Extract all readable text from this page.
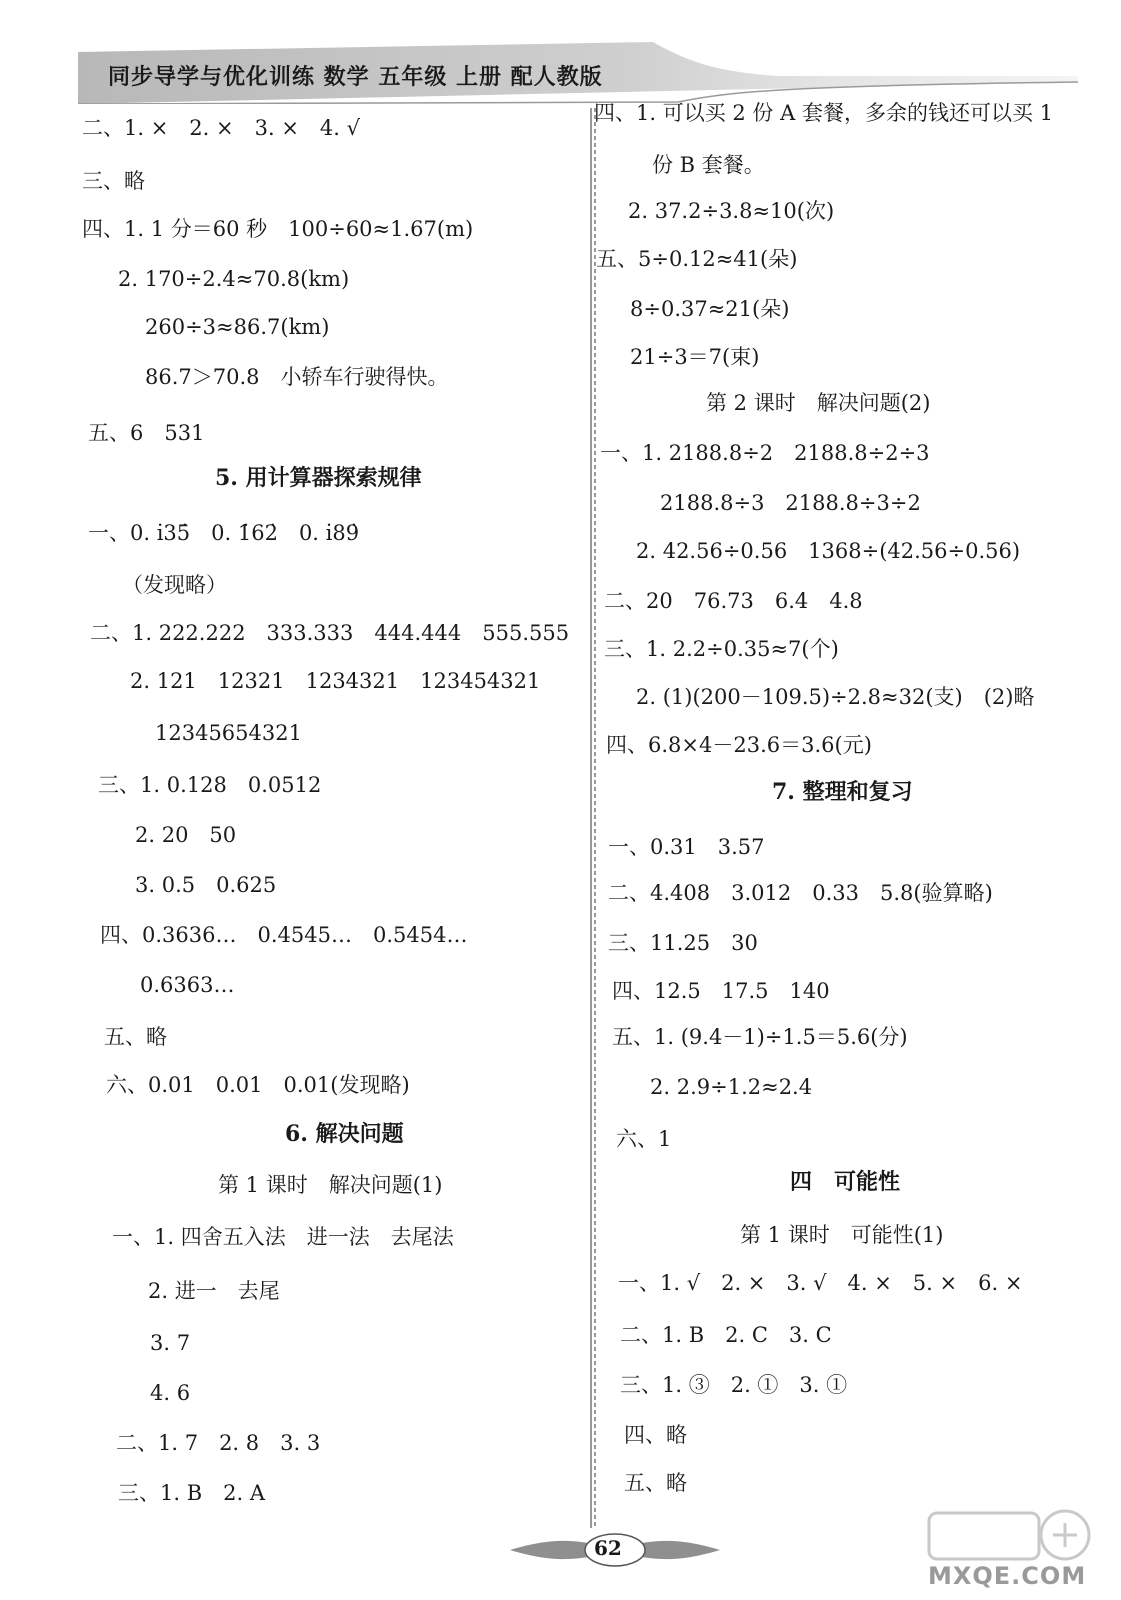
同步导学与优化训练 数学 五年级 上册 配人教版
二、1. ×　2. ×　3. ×　4. √
三、略
四、1. 1 分＝60 秒　100÷60≈1.67(m)
2. 170÷2.4≈70.8(km)
260÷3≈86.7(km)
86.7＞70.8　小轿车行驶得快。
五、6　531
5. 用计算器探索规律
一、0. i̇35̇　0. 1̇62̇　0. i̇89̇
（发现略）
二、1. 222.222　333.333　444.444　555.555
2. 121　12321　1234321　123454321
12345654321
三、1. 0.128　0.0512
2. 20　50
3. 0.5　0.625
四、0.3636…　0.4545…　0.5454…
0.6363…
五、略
六、0.01　0.01　0.01(发现略)
6. 解决问题
第 1 课时　解决问题(1)
一、1. 四舍五入法　进一法　去尾法
2. 进一　去尾
3. 7
4. 6
二、1. 7　2. 8　3. 3
三、1. B　2. A
四、1. 可以买 2 份 A 套餐，多余的钱还可以买 1
份 B 套餐。
2. 37.2÷3.8≈10(次)
五、5÷0.12≈41(朵)
8÷0.37≈21(朵)
21÷3＝7(束)
第 2 课时　解决问题(2)
一、1. 2188.8÷2　2188.8÷2÷3
2188.8÷3　2188.8÷3÷2
2. 42.56÷0.56　1368÷(42.56÷0.56)
二、20　76.73　6.4　4.8
三、1. 2.2÷0.35≈7(个)
2. (1)(200－109.5)÷2.8≈32(支)　(2)略
四、6.8×4－23.6＝3.6(元)
7. 整理和复习
一、0.31　3.57
二、4.408　3.012　0.33　5.8(验算略)
三、11.25　30
四、12.5　17.5　140
五、1. (9.4－1)÷1.5＝5.6(分)
2. 2.9÷1.2≈2.4
六、1
四　可能性
第 1 课时　可能性(1)
一、1. √　2. ×　3. √　4. ×　5. ×　6. ×
二、1. B　2. C　3. C
三、1. ③　2. ①　3. ①
四、略
五、略
62
MXQE.COM
